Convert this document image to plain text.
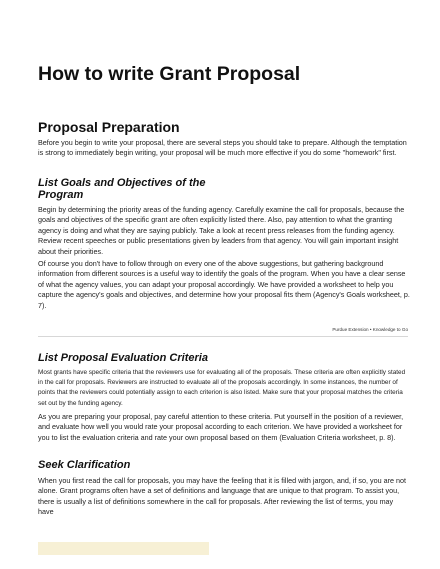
How to write Grant Proposal
Proposal Preparation
Before you begin to write your proposal, there are several steps you should take to prepare. Although the temptation is strong to immediately begin writing, your proposal will be much more effective if you do some "homework" first.
List Goals and Objectives of the Program
Begin by determining the priority areas of the funding agency. Carefully examine the call for proposals, because the goals and objectives of the specific grant are often explicitly listed there. Also, pay attention to what the granting agency is doing and what they are saying publicly. Take a look at recent press releases from the funding agency. Review recent speeches or public presentations given by leaders from that agency. You will gain important insight about their priorities.
Of course you don't have to follow through on every one of the above suggestions, but gathering background information from different sources is a useful way to identify the goals of the program. When you have a clear sense of what the agency values, you can adapt your proposal accordingly. We have provided a worksheet to help you capture the agency's goals and objectives, and determine how your proposal fits them (Agency's Goals worksheet, p. 7).
Purdue Extension • Knowledge to Go
List Proposal Evaluation Criteria
Most grants have specific criteria that the reviewers use for evaluating all of the proposals. These criteria are often explicitly stated in the call for proposals. Reviewers are instructed to evaluate all of the proposals accordingly. In some instances, the number of points that the reviewers could potentially assign to each criterion is also listed. Make sure that your proposal matches the criteria set out by the funding agency.
As you are preparing your proposal, pay careful attention to these criteria. Put yourself in the position of a reviewer, and evaluate how well you would rate your proposal according to each criterion. We have provided a worksheet for you to list the evaluation criteria and rate your own proposal based on them (Evaluation Criteria worksheet, p. 8).
Seek Clarification
When you first read the call for proposals, you may have the feeling that it is filled with jargon, and, if so, you are not alone. Grant programs often have a set of definitions and language that are unique to that program. To assist you, there is usually a list of definitions somewhere in the call for proposals. After reviewing the list of terms, you may have
